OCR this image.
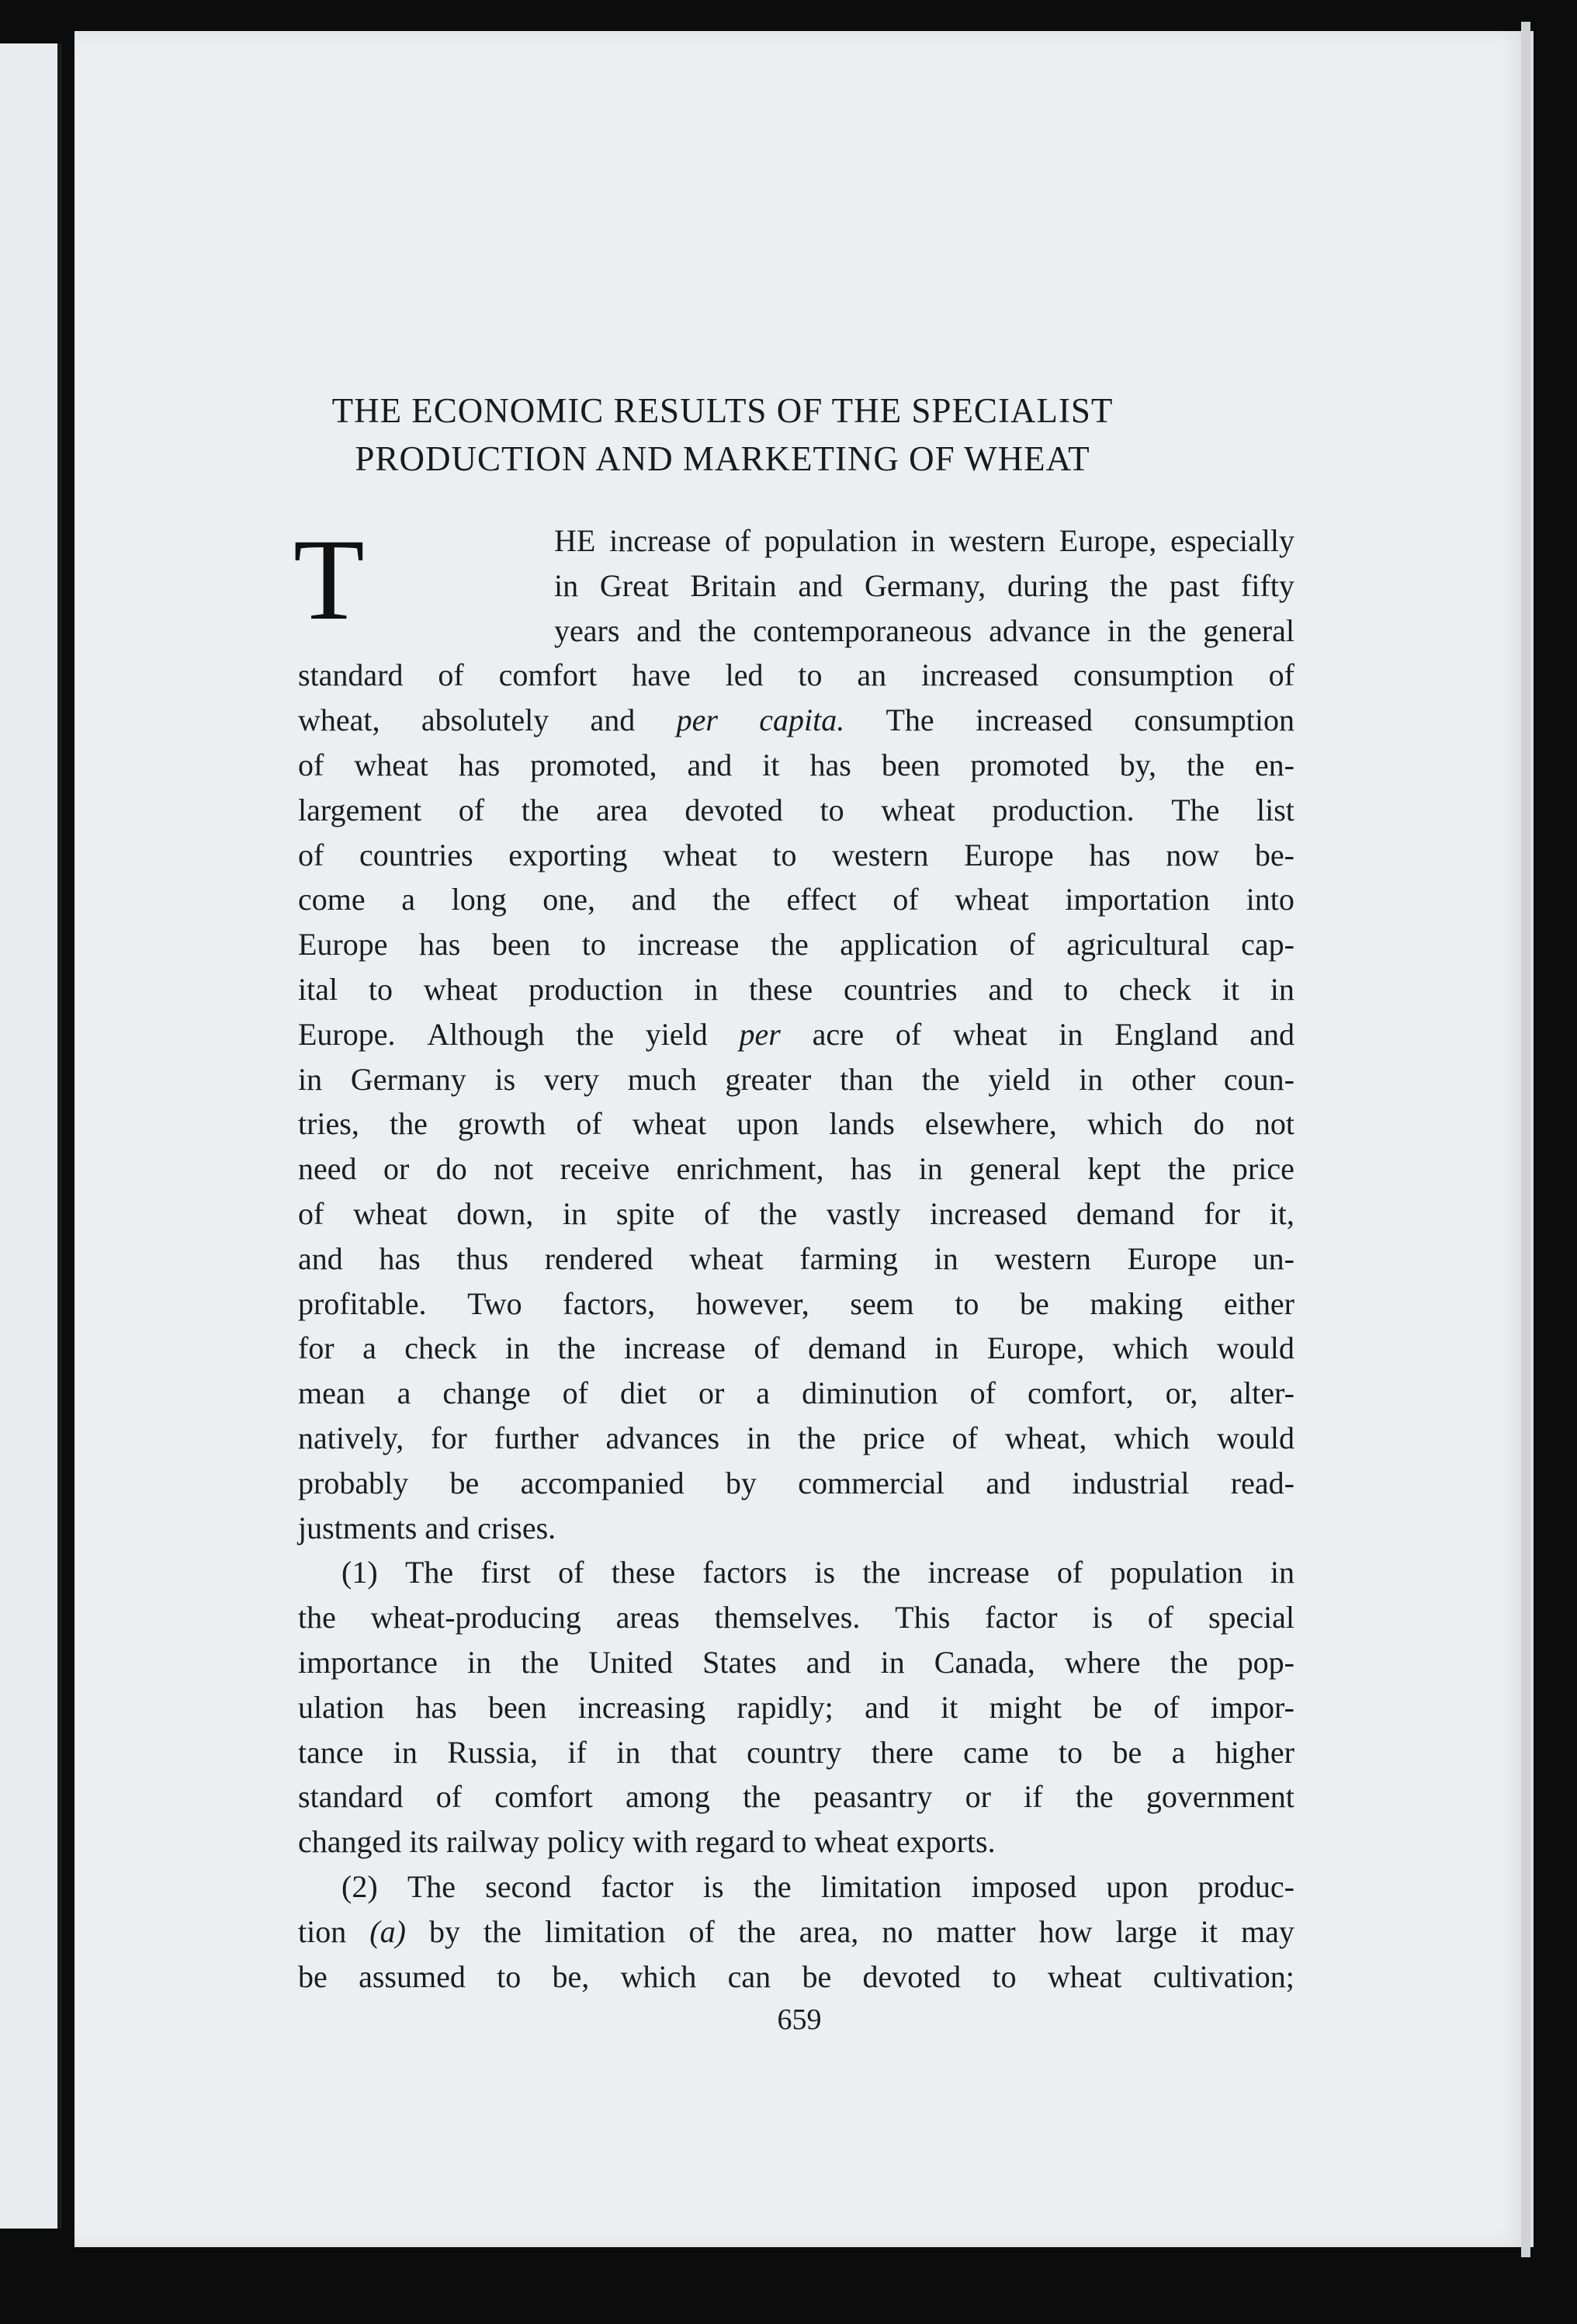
THE ECONOMIC RESULTS OF THE SPECIALIST
PRODUCTION AND MARKETING OF WHEAT
T	HE increase of population in western Europe, especially
in Great Britain and Germany, during the past fifty
years and the contemporaneous advance in the general
standard of comfort have led to an increased consumption of
wheat, absolutely and per capita. The increased consumption
of wheat has promoted, and it has been promoted by, the en-
largement of the area devoted to wheat production. The list
of countries exporting wheat to western Europe has now be-
come a long one, and the effect of wheat importation into
Europe has been to increase the application of agricultural cap-
ital to wheat production in these countries and to check it in
Europe. Although the yield per acre of wheat in England and
in Germany is very much greater than the yield in other coun-
tries, the growth of wheat upon lands elsewhere, which do not
need or do not receive enrichment, has in general kept the price
of wheat down, in spite of the vastly increased demand for it,
and has thus rendered wheat farming in western Europe un-
profitable. Two factors, however, seem to be making either
for a check in the increase of demand in Europe, which would
mean a change of diet or a diminution of comfort, or, alter-
natively, for further advances in the price of wheat, which would
probably be accompanied by commercial and industrial read-
justments and crises.
(1) The first of these factors is the increase of population in
the wheat-producing areas themselves. This factor is of special
importance in the United States and in Canada, where the pop-
ulation has been increasing rapidly; and it might be of impor-
tance in Russia, if in that country there came to be a higher
standard of comfort among the peasantry or if the government
changed its railway policy with regard to wheat exports.
(2) The second factor is the limitation imposed upon produc-
tion (a) by the limitation of the area, no matter how large it may
be assumed to be, which can be devoted to wheat cultivation;
659
